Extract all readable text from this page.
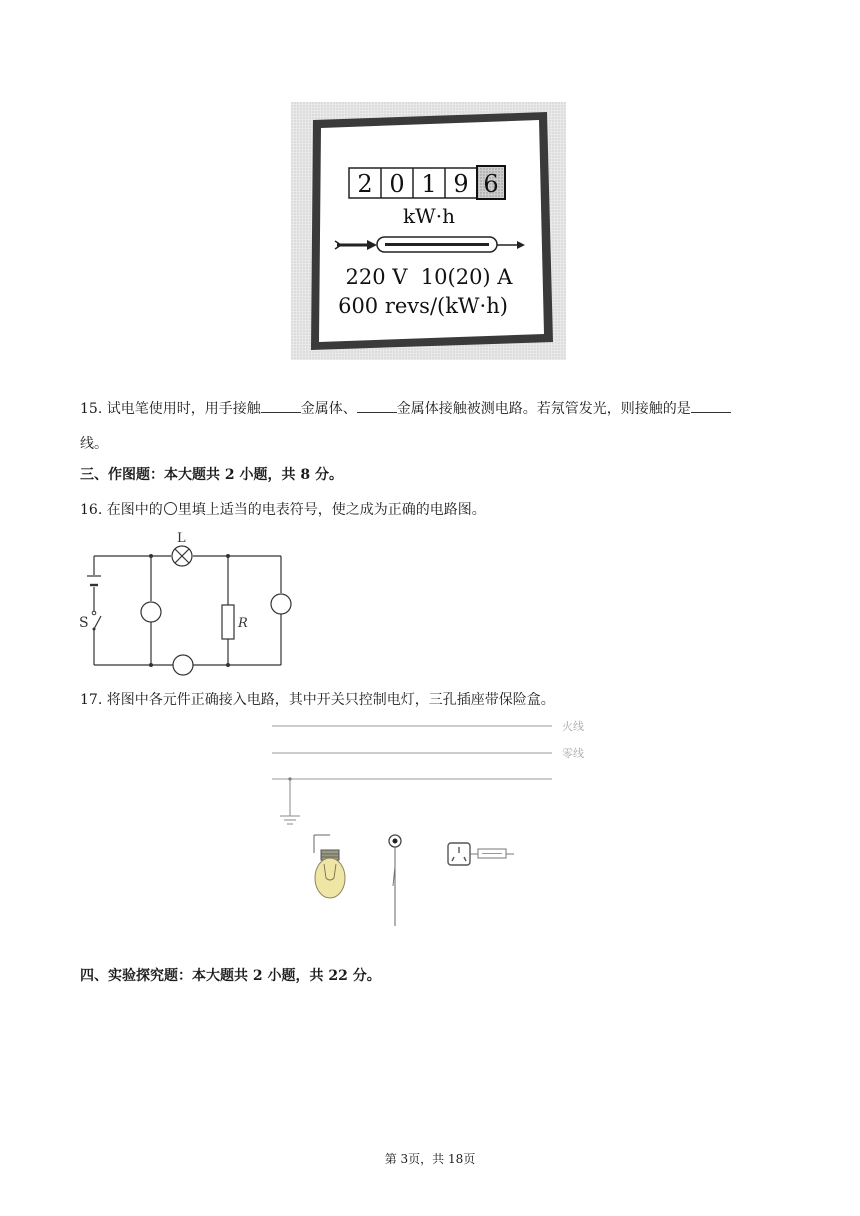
2 0 1 9 6
kW·h
220 V  10(20) A
600 revs/(kW·h)
15. 试电笔使用时，用手接触	金属体、	金属体接触被测电路。若氖管发光，则接触的是
线。
三、作图题：本大题共 2 小题，共 8 分。
16. 在图中的 里填上适当的电表符号，使之成为正确的电路图。
S
L
R
17. 将图中各元件正确接入电路，其中开关只控制电灯，三孔插座带保险盒。
火线
零线
四、实验探究题：本大题共 2 小题，共 22 分。
第 3页，共 18页
